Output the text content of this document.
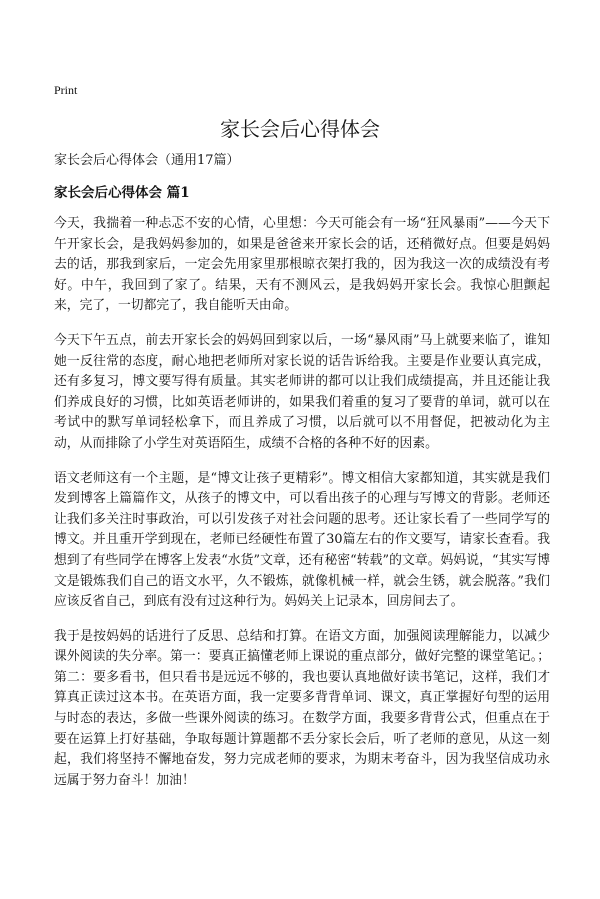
Print
家长会后心得体会
家长会后心得体会（通用17篇）
家长会后心得体会 篇1

今天，我揣着一种忐忑不安的心情，心里想：今天可能会有一场“狂风暴雨”——今天下午开家长会，是我妈妈参加的，如果是爸爸来开家长会的话，还稍微好点。但要是妈妈去的话，那我到家后，一定会先用家里那根晾衣架打我的，因为我这一次的成绩没有考好。中午，我回到了家了。结果，天有不测风云，是我妈妈开家长会。我惊心胆颤起来，完了，一切都完了，我自能听天由命。

今天下午五点，前去开家长会的妈妈回到家以后，一场“暴风雨”马上就要来临了，谁知她一反往常的态度，耐心地把老师所对家长说的话告诉给我。主要是作业要认真完成，还有多复习，博文要写得有质量。其实老师讲的都可以让我们成绩提高，并且还能让我们养成良好的习惯，比如英语老师讲的，如果我们着重的复习了要背的单词，就可以在考试中的默写单词轻松拿下，而且养成了习惯，以后就可以不用督促，把被动化为主动，从而排除了小学生对英语陌生，成绩不合格的各种不好的因素。

语文老师这有一个主题，是“博文让孩子更精彩”。博文相信大家都知道，其实就是我们发到博客上篇篇作文，从孩子的博文中，可以看出孩子的心理与写博文的背影。老师还让我们多关注时事政治，可以引发孩子对社会问题的思考。还让家长看了一些同学写的博文。并且重开学到现在，老师已经硬性布置了30篇左右的作文要写，请家长查看。我想到了有些同学在博客上发表“水货”文章，还有秘密“转载”的文章。妈妈说，“其实写博文是锻炼我们自己的语文水平，久不锻炼，就像机械一样，就会生锈，就会脱落。”我们应该反省自己，到底有没有过这种行为。妈妈关上记录本，回房间去了。

我于是按妈妈的话进行了反思、总结和打算。在语文方面，加强阅读理解能力，以减少课外阅读的失分率。第一：要真正搞懂老师上课说的重点部分，做好完整的课堂笔记。；第二：要多看书，但只看书是远远不够的，我也要认真地做好读书笔记，这样，我们才算真正读过这本书。在英语方面，我一定要多背背单词、课文，真正掌握好句型的运用与时态的表达，多做一些课外阅读的练习。在数学方面，我要多背背公式，但重点在于要在运算上打好基础，争取每题计算题都不丢分家长会后，听了老师的意见，从这一刻起，我们将坚持不懈地奋发，努力完成老师的要求，为期末考奋斗，因为我坚信成功永远属于努力奋斗！加油！
